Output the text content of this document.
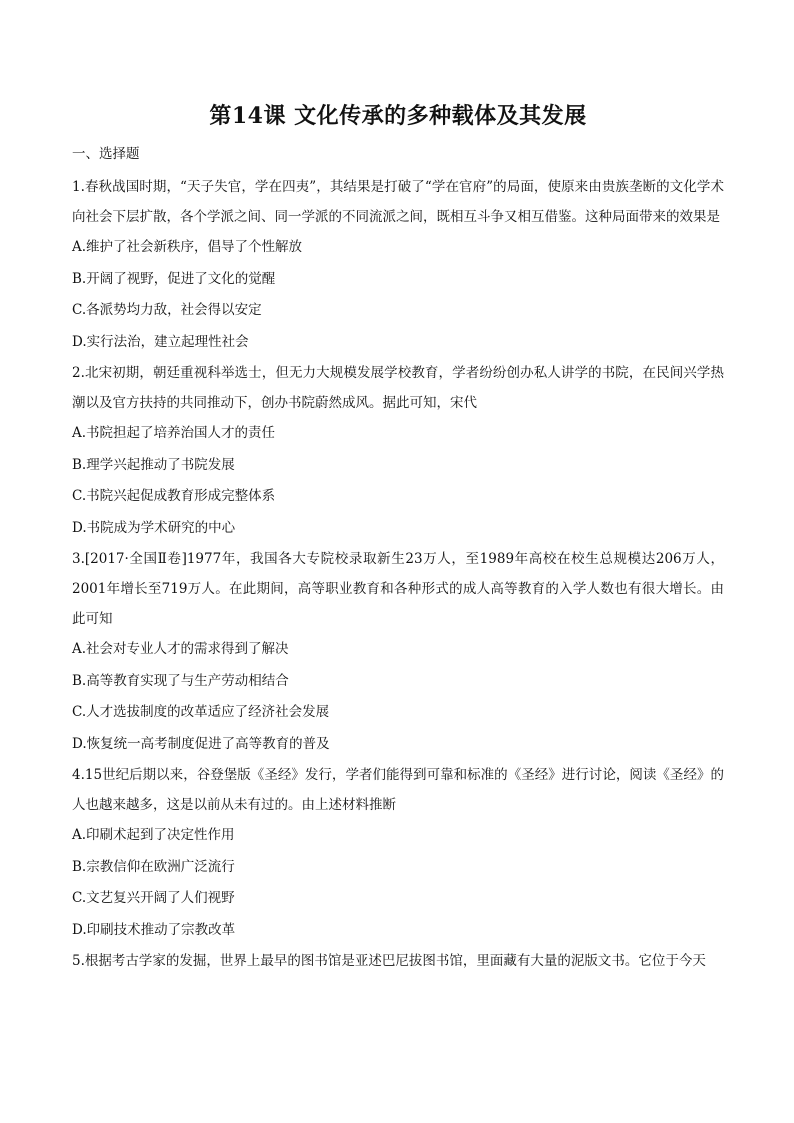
第14课 文化传承的多种载体及其发展
一、选择题

1.春秋战国时期，“天子失官，学在四夷”，其结果是打破了“学在官府”的局面，使原来由贵族垄断的文化学术向社会下层扩散，各个学派之间、同一学派的不同流派之间，既相互斗争又相互借鉴。这种局面带来的效果是

A.维护了社会新秩序，倡导了个性解放

B.开阔了视野，促进了文化的觉醒

C.各派势均力敌，社会得以安定

D.实行法治，建立起理性社会

2.北宋初期，朝廷重视科举选士，但无力大规模发展学校教育，学者纷纷创办私人讲学的书院，在民间兴学热潮以及官方扶持的共同推动下，创办书院蔚然成风。据此可知，宋代

A.书院担起了培养治国人才的责任

B.理学兴起推动了书院发展

C.书院兴起促成教育形成完整体系

D.书院成为学术研究的中心

3.[2017·全国Ⅱ卷]1977年，我国各大专院校录取新生23万人，至1989年高校在校生总规模达206万人，2001年增长至719万人。在此期间，高等职业教育和各种形式的成人高等教育的入学人数也有很大增长。由此可知

A.社会对专业人才的需求得到了解决

B.高等教育实现了与生产劳动相结合

C.人才选拔制度的改革适应了经济社会发展

D.恢复统一高考制度促进了高等教育的普及

4.15世纪后期以来，谷登堡版《圣经》发行，学者们能得到可靠和标准的《圣经》进行讨论，阅读《圣经》的人也越来越多，这是以前从未有过的。由上述材料推断

A.印刷术起到了决定性作用

B.宗教信仰在欧洲广泛流行

C.文艺复兴开阔了人们视野

D.印刷技术推动了宗教改革

5.根据考古学家的发掘，世界上最早的图书馆是亚述巴尼拔图书馆，里面藏有大量的泥版文书。它位于今天
